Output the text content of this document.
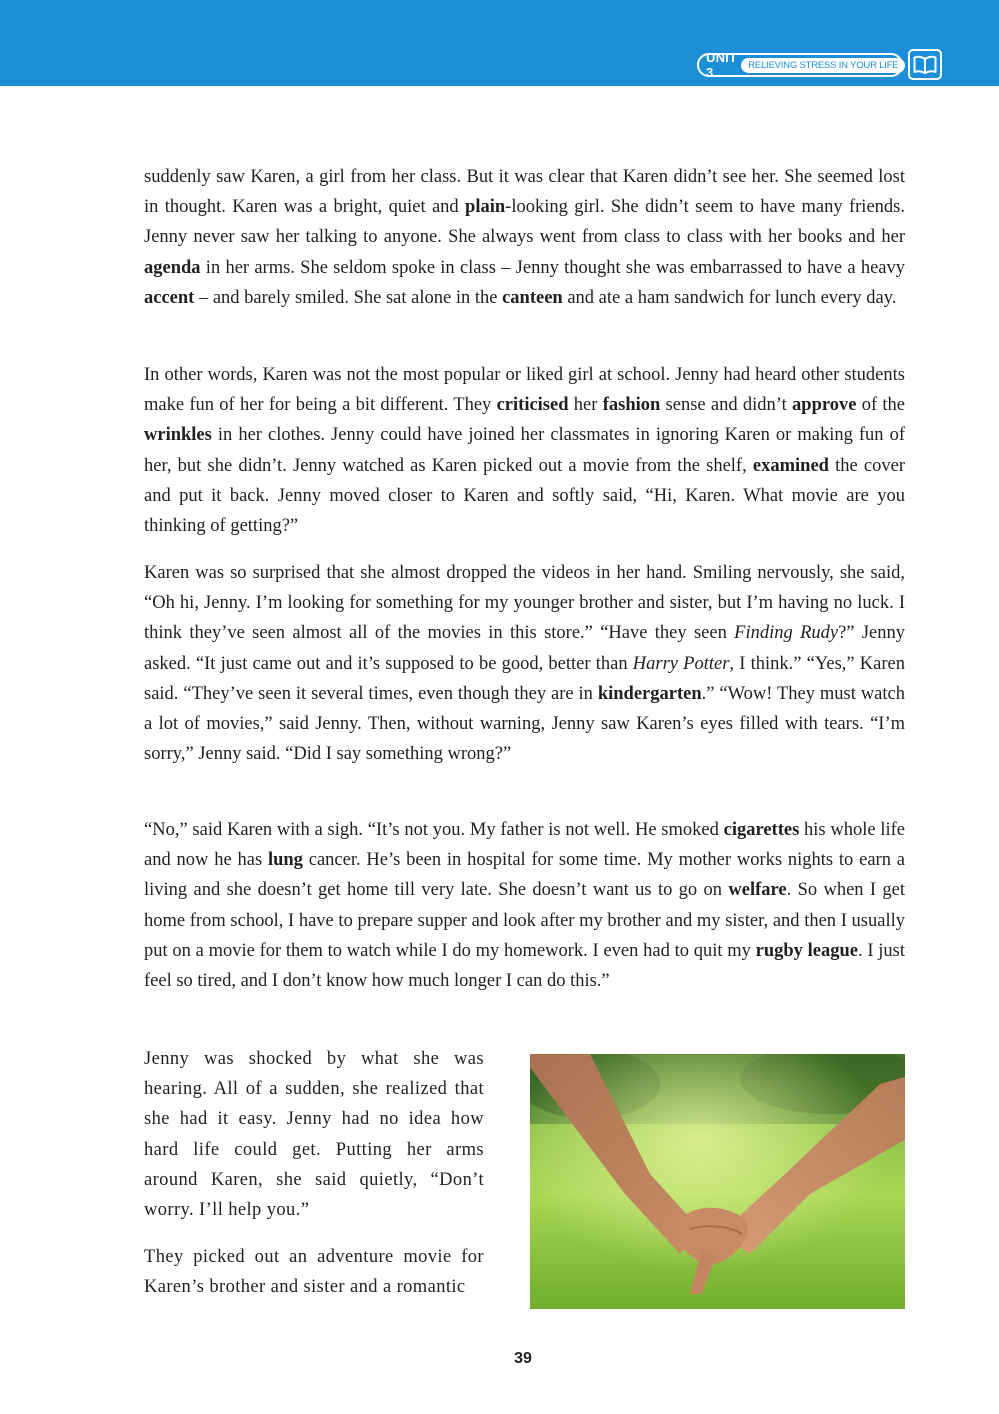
UNIT 3	RELIEVING STRESS IN YOUR LIFE

suddenly saw Karen, a girl from her class. But it was clear that Karen didn’t see her. She seemed lost in thought. Karen was a bright, quiet and plain-looking girl. She didn’t seem to have many friends. Jenny never saw her talking to anyone. She always went from class to class with her books and her agenda in her arms. She seldom spoke in class – Jenny thought she was embarrassed to have a heavy accent – and barely smiled. She sat alone in the canteen and ate a ham sandwich for lunch every day.

In other words, Karen was not the most popular or liked girl at school. Jenny had heard other students make fun of her for being a bit different. They criticised her fashion sense and didn’t approve of the wrinkles in her clothes. Jenny could have joined her classmates in ignoring Karen or making fun of her, but she didn’t. Jenny watched as Karen picked out a movie from the shelf, examined the cover and put it back. Jenny moved closer to Karen and softly said, “Hi, Karen. What movie are you thinking of getting?”

Karen was so surprised that she almost dropped the videos in her hand. Smiling nervously, she said, “Oh hi, Jenny. I’m looking for something for my younger brother and sister, but I’m having no luck. I think they’ve seen almost all of the movies in this store.” “Have they seen Finding Rudy?” Jenny asked. “It just came out and it’s supposed to be good, better than Harry Potter, I think.” “Yes,” Karen said. “They’ve seen it several times, even though they are in kindergarten.” “Wow! They must watch a lot of movies,” said Jenny. Then, without warning, Jenny saw Karen’s eyes filled with tears. “I’m sorry,” Jenny said. “Did I say something wrong?”

“No,” said Karen with a sigh. “It’s not you. My father is not well. He smoked cigarettes his whole life and now he has lung cancer. He’s been in hospital for some time. My mother works nights to earn a living and she doesn’t get home till very late. She doesn’t want us to go on welfare. So when I get home from school, I have to prepare supper and look after my brother and my sister, and then I usually put on a movie for them to watch while I do my homework. I even had to quit my rugby league. I just feel so tired, and I don’t know how much longer I can do this.”

Jenny was shocked by what she was hearing. All of a sudden, she realized that she had it easy. Jenny had no idea how hard life could get. Putting her arms around Karen, she said quietly, “Don’t worry. I’ll help you.”

They picked out an adventure movie for Karen’s brother and sister and a romantic

39
